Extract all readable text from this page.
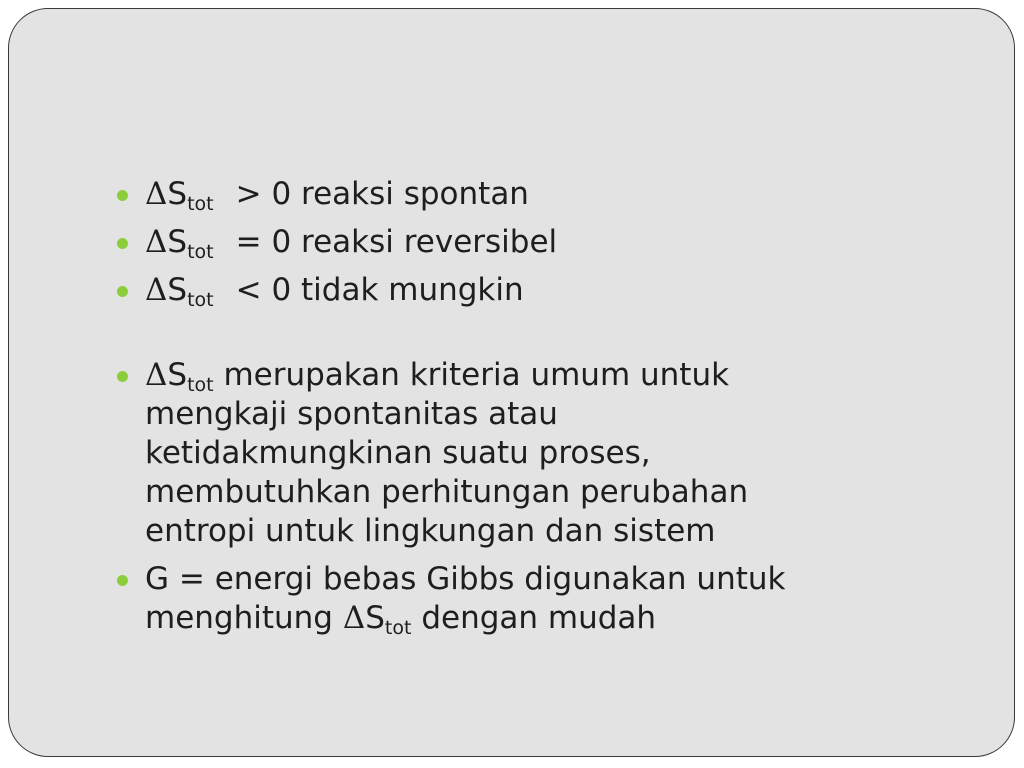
$\Delta S_{tot} > 0$ reaksi spontan
$\Delta S_{tot} = 0$ reaksi reversibel
$\Delta S_{tot} < 0$ tidak mungkin
$\Delta S_{tot}$ merupakan kriteria umum untuk
mengkaji spontanitas atau
ketidakmungkinan suatu proses,
membutuhkan perhitungan perubahan
entropi untuk lingkungan dan sistem
G = energi bebas Gibbs digunakan untuk
menghitung $\Delta S_{tot}$ dengan mudah
